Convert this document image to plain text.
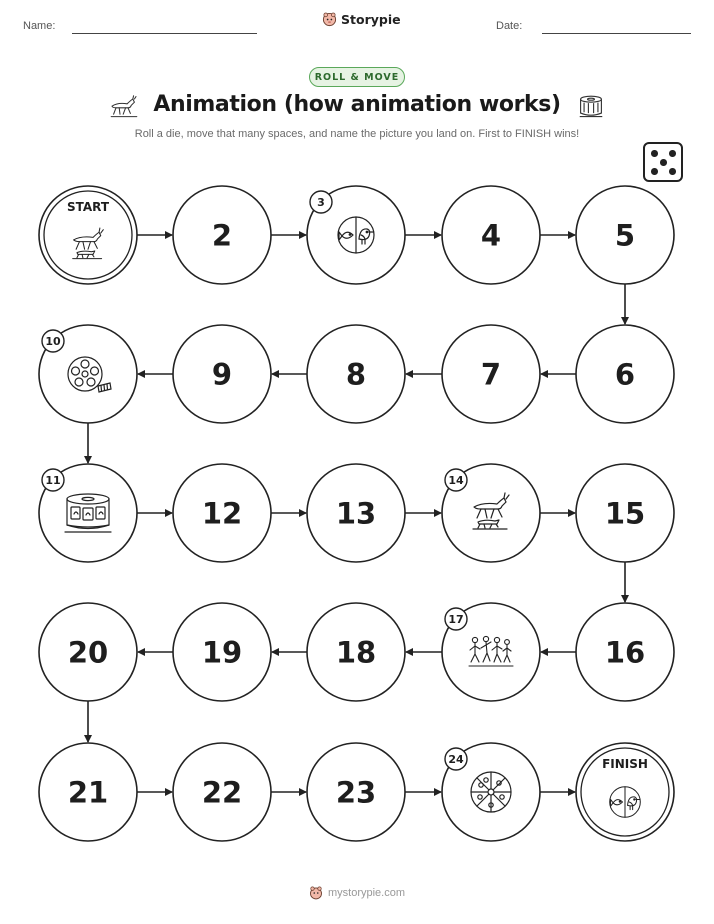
Name:	Storypie	Date:
ROLL & MOVE
Animation (how animation works)
Roll a die, move that many spaces, and name the picture you land on. First to FINISH wins!
START
2
3
4	5
6
7
8
9
10
11
12	13
14
15
16
17
18
19
20
21	22	23
24	FINISH
mystorypie.com
